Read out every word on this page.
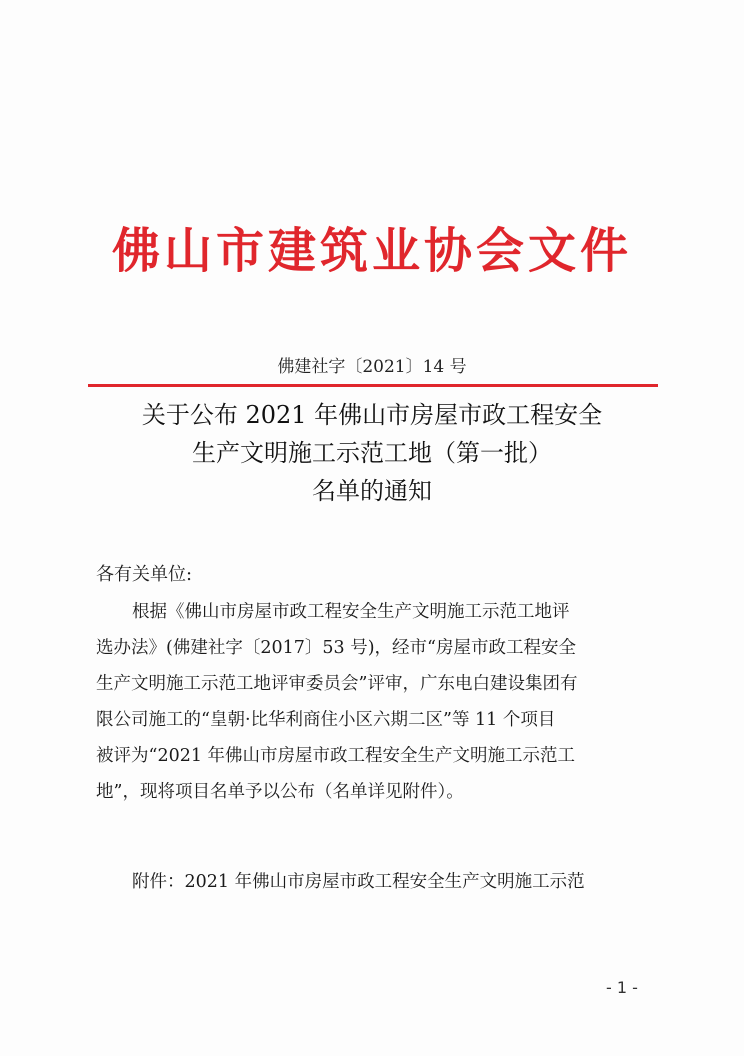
佛山市建筑业协会文件
佛建社字〔2021〕14 号
关于公布 2021 年佛山市房屋市政工程安全
生产文明施工示范工地（第一批）
名单的通知
各有关单位:
根据《佛山市房屋市政工程安全生产文明施工示范工地评
选办法》(佛建社字〔2017〕53 号)，经市“房屋市政工程安全
生产文明施工示范工地评审委员会”评审，广东电白建设集团有
限公司施工的“皇朝·比华利商住小区六期二区”等 11 个项目
被评为“2021 年佛山市房屋市政工程安全生产文明施工示范工
地”，现将项目名单予以公布（名单详见附件）。
附件：2021 年佛山市房屋市政工程安全生产文明施工示范
- 1 -
